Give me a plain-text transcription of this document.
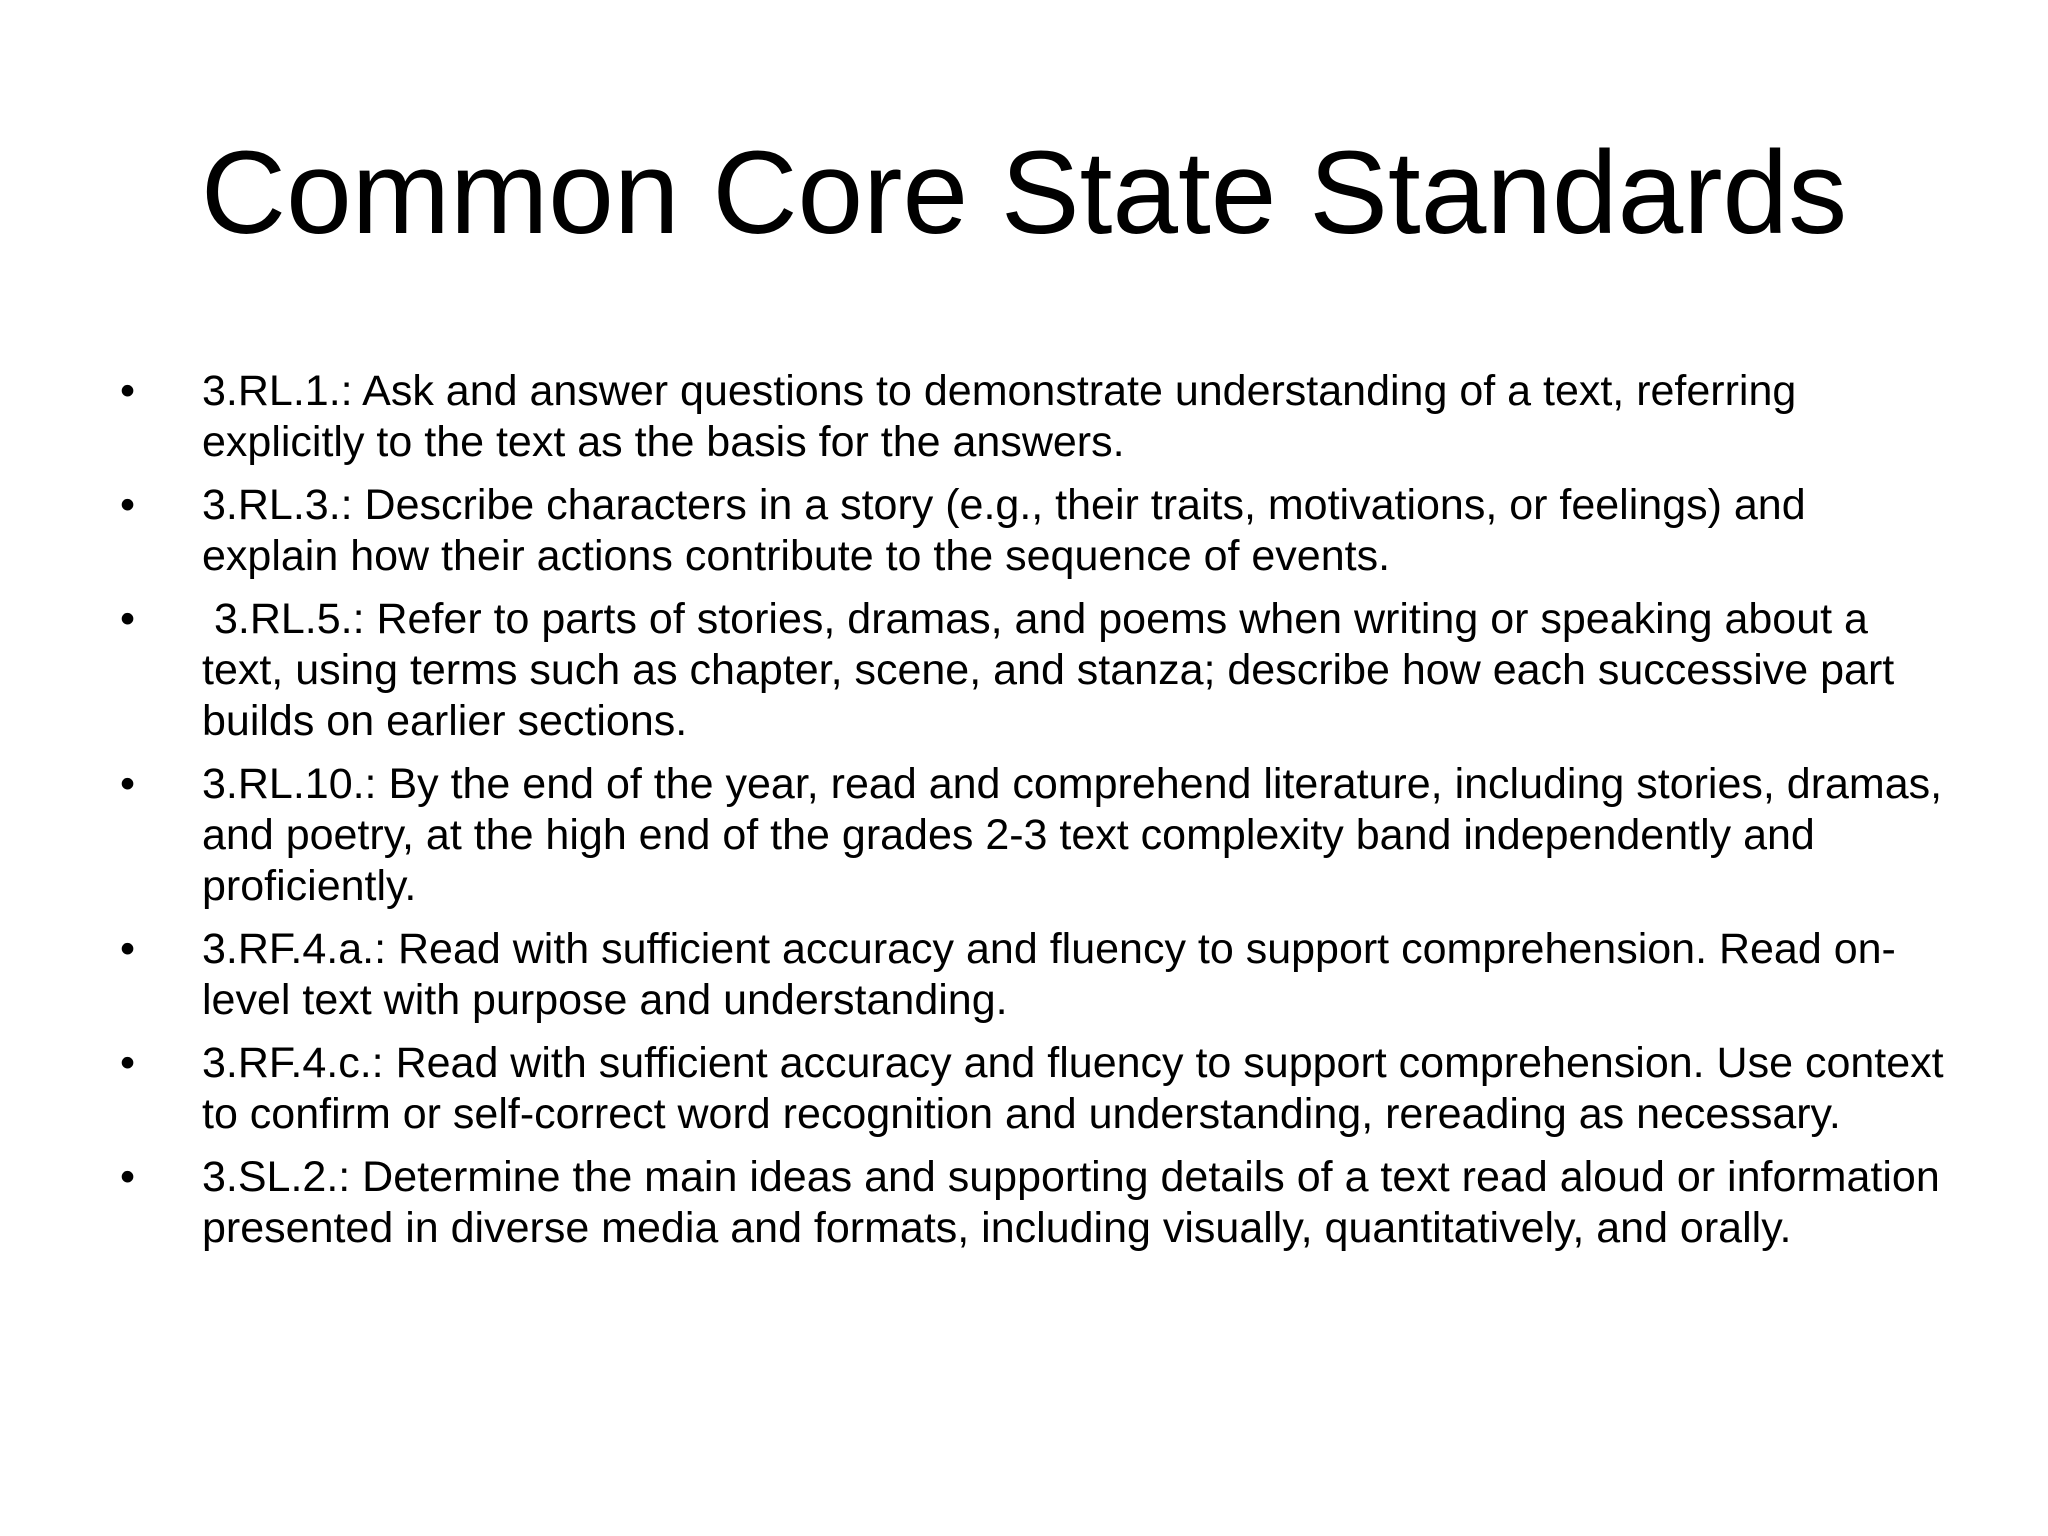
Common Core State Standards
•	3.RL.1.: Ask and answer questions to demonstrate understanding of a text, referring explicitly to the text as the basis for the answers.
•	3.RL.3.: Describe characters in a story (e.g., their traits, motivations, or feelings) and explain how their actions contribute to the sequence of events.
•	3.RL.5.: Refer to parts of stories, dramas, and poems when writing or speaking about a text, using terms such as chapter, scene, and stanza; describe how each successive part builds on earlier sections.
•	3.RL.10.: By the end of the year, read and comprehend literature, including stories, dramas, and poetry, at the high end of the grades 2-3 text complexity band independently and proficiently.
•	3.RF.4.a.: Read with sufficient accuracy and fluency to support comprehension. Read on-level text with purpose and understanding.
•	3.RF.4.c.: Read with sufficient accuracy and fluency to support comprehension. Use context to confirm or self-correct word recognition and understanding, rereading as necessary.
•	3.SL.2.: Determine the main ideas and supporting details of a text read aloud or information presented in diverse media and formats, including visually, quantitatively, and orally.
